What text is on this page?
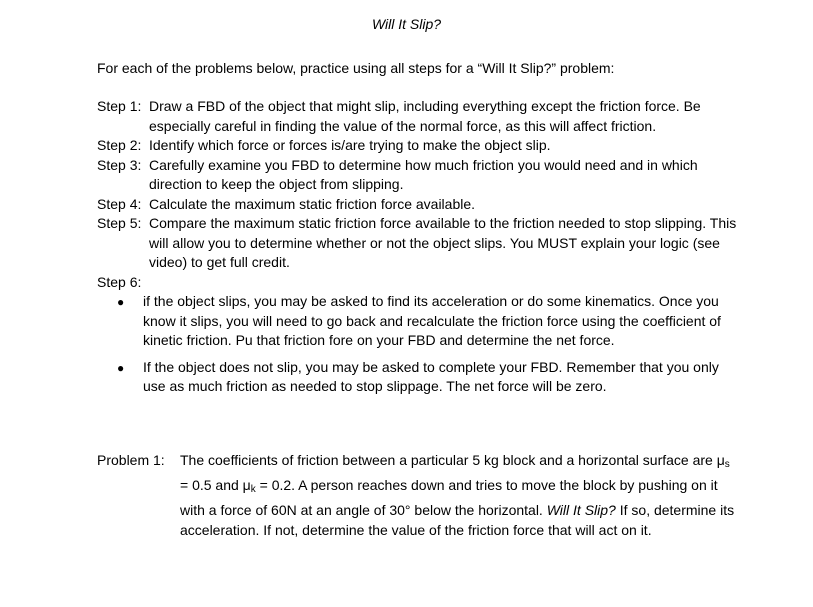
Will It Slip?
For each of the problems below, practice using all steps for a “Will It Slip?” problem:
Step 1: Draw a FBD of the object that might slip, including everything except the friction force. Be especially careful in finding the value of the normal force, as this will affect friction.
Step 2: Identify which force or forces is/are trying to make the object slip.
Step 3: Carefully examine you FBD to determine how much friction you would need and in which direction to keep the object from slipping.
Step 4: Calculate the maximum static friction force available.
Step 5: Compare the maximum static friction force available to the friction needed to stop slipping. This will allow you to determine whether or not the object slips. You MUST explain your logic (see video) to get full credit.
Step 6:
●	if the object slips, you may be asked to find its acceleration or do some kinematics. Once you know it slips, you will need to go back and recalculate the friction force using the coefficient of kinetic friction. Pu that friction fore on your FBD and determine the net force.
●	If the object does not slip, you may be asked to complete your FBD. Remember that you only use as much friction as needed to stop slippage. The net force will be zero.
Problem 1:	The coefficients of friction between a particular 5 kg block and a horizontal surface are $\mu_s = 0.5$ and $\mu_k = 0.2$. A person reaches down and tries to move the block by pushing on it with a force of 60N at an angle of 30° below the horizontal. Will It Slip? If so, determine its acceleration. If not, determine the value of the friction force that will act on it.
